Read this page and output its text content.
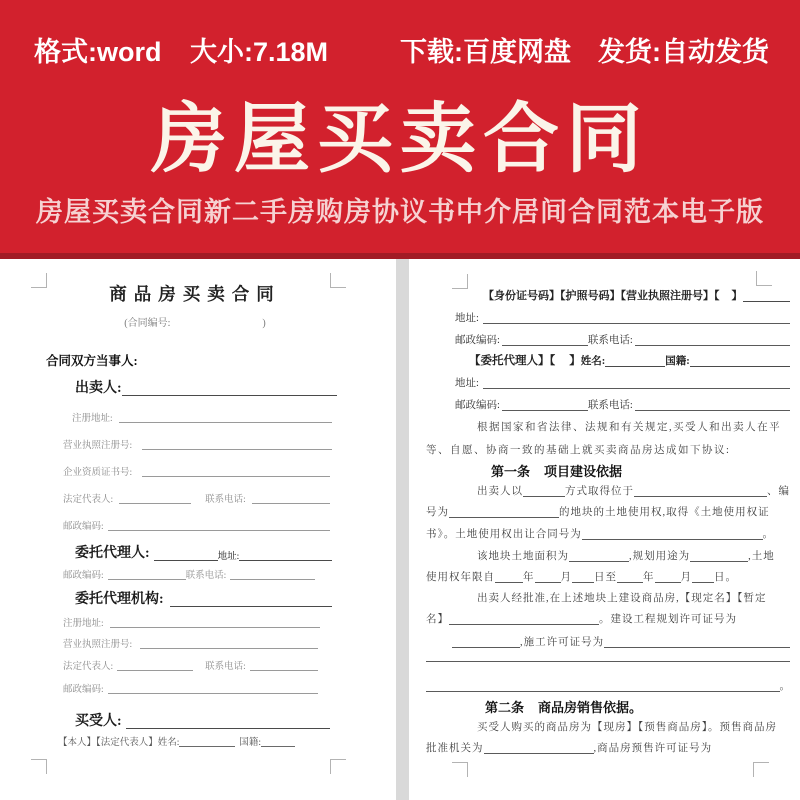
格式:word 大小:7.18M	下载:百度网盘 发货:自动发货
房屋买卖合同
房屋买卖合同新二手房购房协议书中介居间合同范本电子版
商品房买卖合同
(合同编号:	)
合同双方当事人:
出卖人:
注册地址:
营业执照注册号:
企业资质证书号:
法定代表人:	联系电话:
邮政编码:
委托代理人:	地址:
邮政编码:	联系电话:
委托代理机构:
注册地址:
营业执照注册号:
法定代表人:	联系电话:
邮政编码:
买受人:
【本人】【法定代表人】姓名:	国籍:
【身份证号码】【护照号码】【营业执照注册号】【 】
地址:
邮政编码:	联系电话:
【委托代理人】【 】 姓名:	国籍:
地址:
邮政编码:	联系电话:
根据国家和省法律、法规和有关规定,买受人和出卖人在平
等、自愿、协商一致的基础上就买卖商品房达成如下协议:
第一条 项目建设依据
出卖人以	方式取得位于	、编
号为	的地块的土地使用权,取得《土地使用权证
书》。土地使用权出让合同号为	。
该地块土地面积为	,规划用途为	,土地
使用权年限自	年 月 日至 年 月 日。
出卖人经批准,在上述地块上建设商品房,【现定名】【暂定
名】	。建设工程规划许可证号为
,施工许可证号为
。
第二条 商品房销售依据。
买受人购买的商品房为【现房】【预售商品房】。预售商品房
批准机关为	,商品房预售许可证号为
